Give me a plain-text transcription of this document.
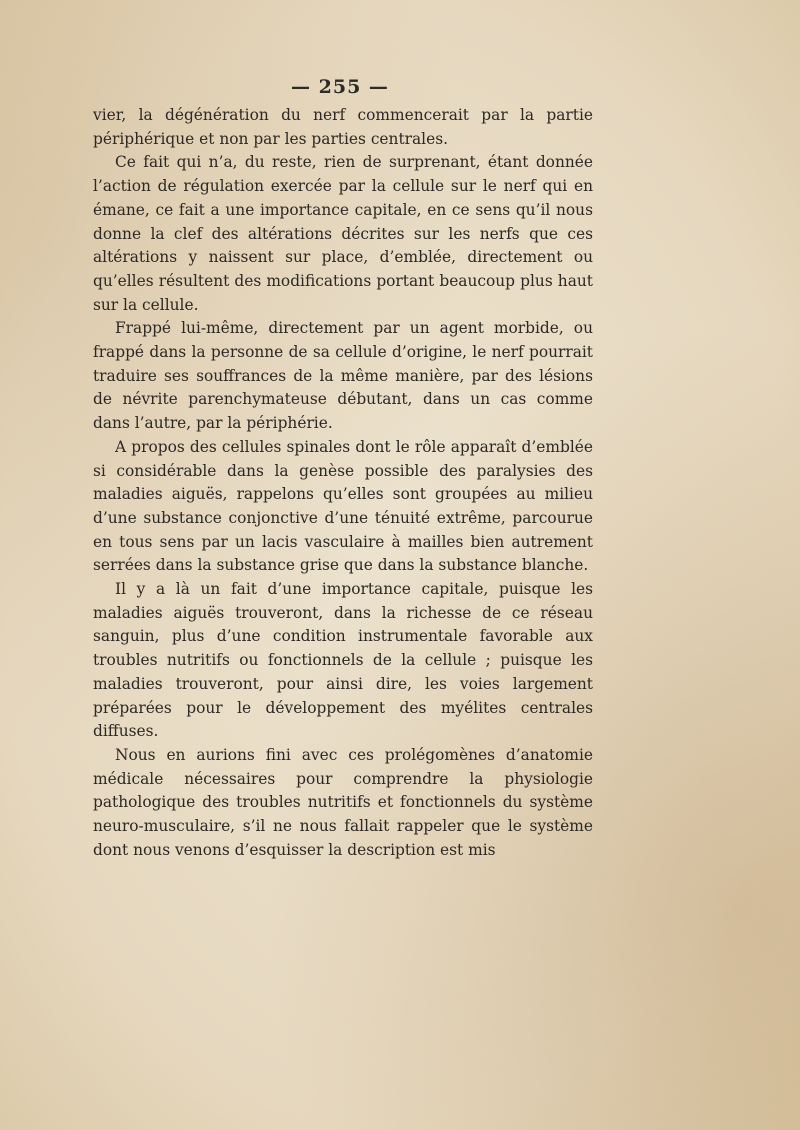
— 255 —

vier, la dégénération du nerf commencerait par la partie périphérique et non par les parties centrales.

Ce fait qui n’a, du reste, rien de surprenant, étant donnée l’action de régulation exercée par la cellule sur le nerf qui en émane, ce fait a une importance capitale, en ce sens qu’il nous donne la clef des altérations décrites sur les nerfs que ces altérations y naissent sur place, d’emblée, directement ou qu’elles résultent des modifications portant beaucoup plus haut sur la cellule.

Frappé lui-même, directement par un agent morbide, ou frappé dans la personne de sa cellule d’origine, le nerf pourrait traduire ses souffrances de la même manière, par des lésions de névrite parenchymateuse débutant, dans un cas comme dans l’autre, par la périphérie.

A propos des cellules spinales dont le rôle apparaît d’emblée si considérable dans la genèse possible des paralysies des maladies aiguës, rappelons qu’elles sont groupées au milieu d’une substance conjonctive d’une ténuité extrême, parcourue en tous sens par un lacis vasculaire à mailles bien autrement serrées dans la substance grise que dans la substance blanche.

Il y a là un fait d’une importance capitale, puisque les maladies aiguës trouveront, dans la richesse de ce réseau sanguin, plus d’une condition instrumentale favorable aux troubles nutritifs ou fonctionnels de la cellule ; puisque les maladies trouveront, pour ainsi dire, les voies largement préparées pour le développement des myélites centrales diffuses.

Nous en aurions fini avec ces prolégomènes d’anatomie médicale nécessaires pour comprendre la physiologie pathologique des troubles nutritifs et fonctionnels du système neuro-musculaire, s’il ne nous fallait rappeler que le système dont nous venons d’esquisser la description est mis
